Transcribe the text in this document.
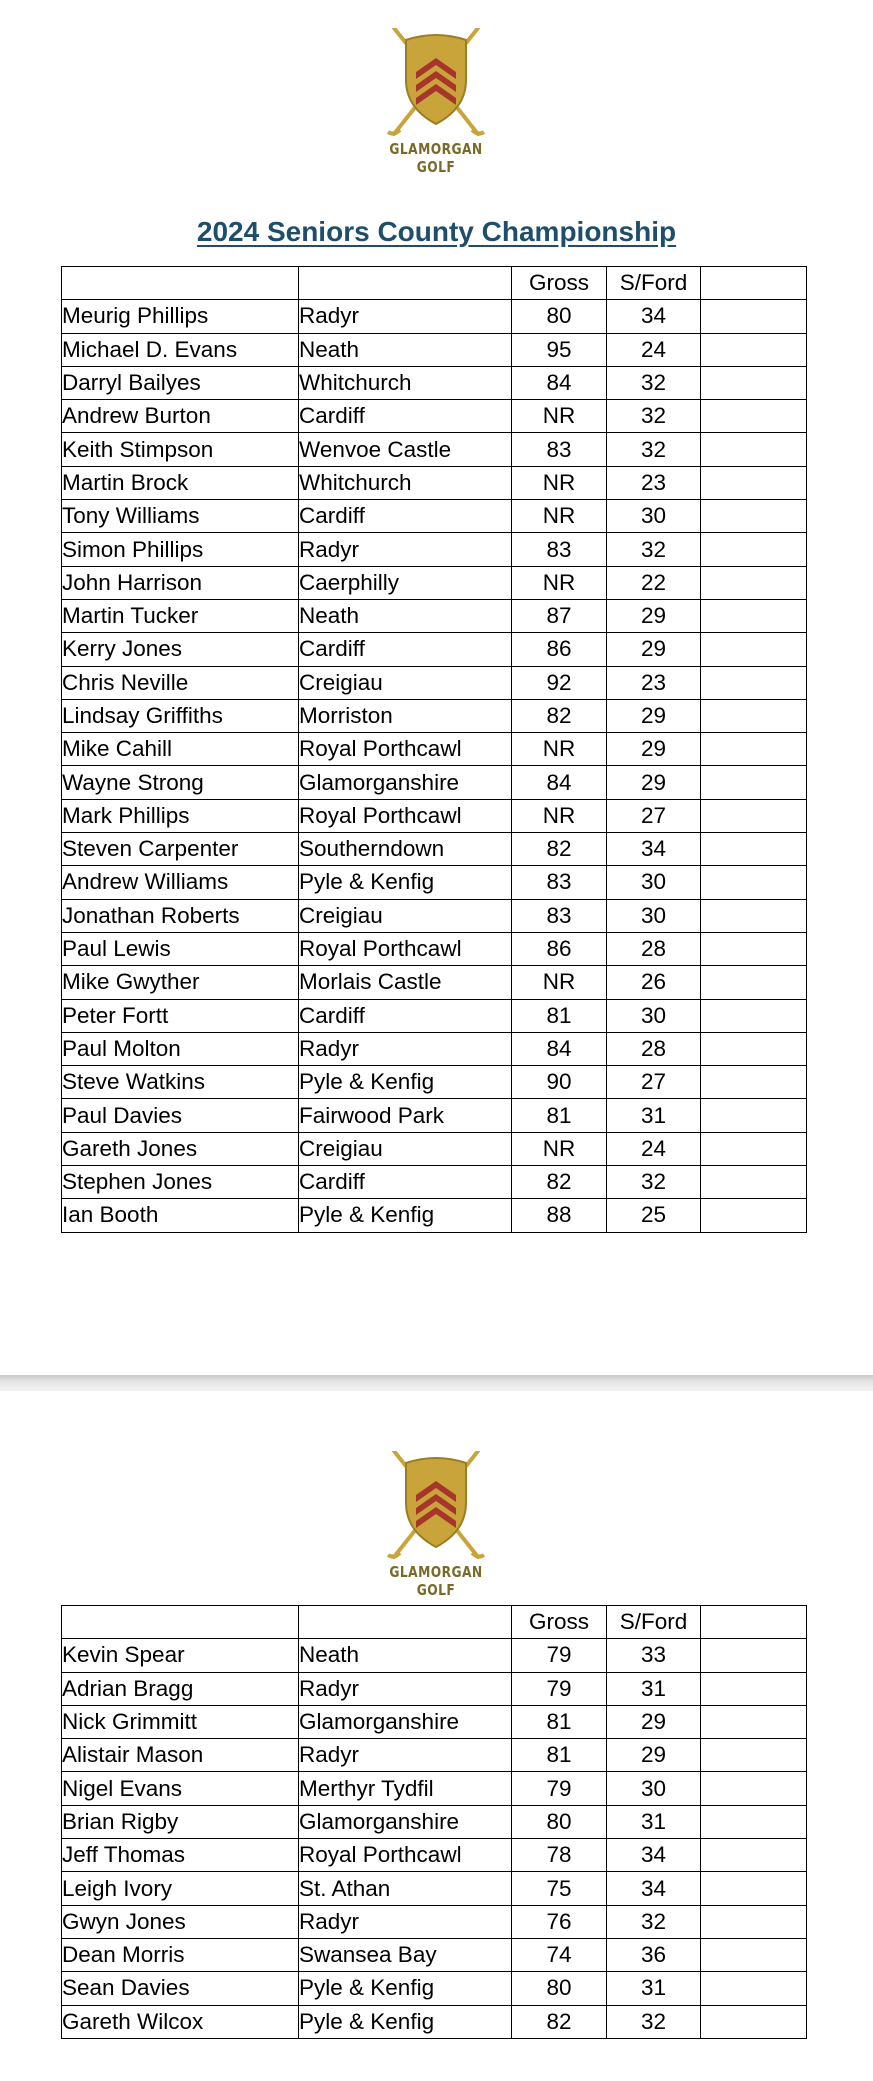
GLAMORGAN GOLF
2024 Seniors County Championship
		Gross	S/Ford	
Meurig Phillips	Radyr	80	34	
Michael D. Evans	Neath	95	24	
Darryl Bailyes	Whitchurch	84	32	
Andrew Burton	Cardiff	NR	32	
Keith Stimpson	Wenvoe Castle	83	32	
Martin Brock	Whitchurch	NR	23	
Tony Williams	Cardiff	NR	30	
Simon Phillips	Radyr	83	32	
John Harrison	Caerphilly	NR	22	
Martin Tucker	Neath	87	29	
Kerry Jones	Cardiff	86	29	
Chris Neville	Creigiau	92	23	
Lindsay Griffiths	Morriston	82	29	
Mike Cahill	Royal Porthcawl	NR	29	
Wayne Strong	Glamorganshire	84	29	
Mark Phillips	Royal Porthcawl	NR	27	
Steven Carpenter	Southerndown	82	34	
Andrew Williams	Pyle & Kenfig	83	30	
Jonathan Roberts	Creigiau	83	30	
Paul Lewis	Royal Porthcawl	86	28	
Mike Gwyther	Morlais Castle	NR	26	
Peter Fortt	Cardiff	81	30	
Paul Molton	Radyr	84	28	
Steve Watkins	Pyle & Kenfig	90	27	
Paul Davies	Fairwood Park	81	31	
Gareth Jones	Creigiau	NR	24	
Stephen Jones	Cardiff	82	32	
Ian Booth	Pyle & Kenfig	88	25	
GLAMORGAN GOLF
		Gross	S/Ford	
Kevin Spear	Neath	79	33	
Adrian Bragg	Radyr	79	31	
Nick Grimmitt	Glamorganshire	81	29	
Alistair Mason	Radyr	81	29	
Nigel Evans	Merthyr Tydfil	79	30	
Brian Rigby	Glamorganshire	80	31	
Jeff Thomas	Royal Porthcawl	78	34	
Leigh Ivory	St. Athan	75	34	
Gwyn Jones	Radyr	76	32	
Dean Morris	Swansea Bay	74	36	
Sean Davies	Pyle & Kenfig	80	31	
Gareth Wilcox	Pyle & Kenfig	82	32	
